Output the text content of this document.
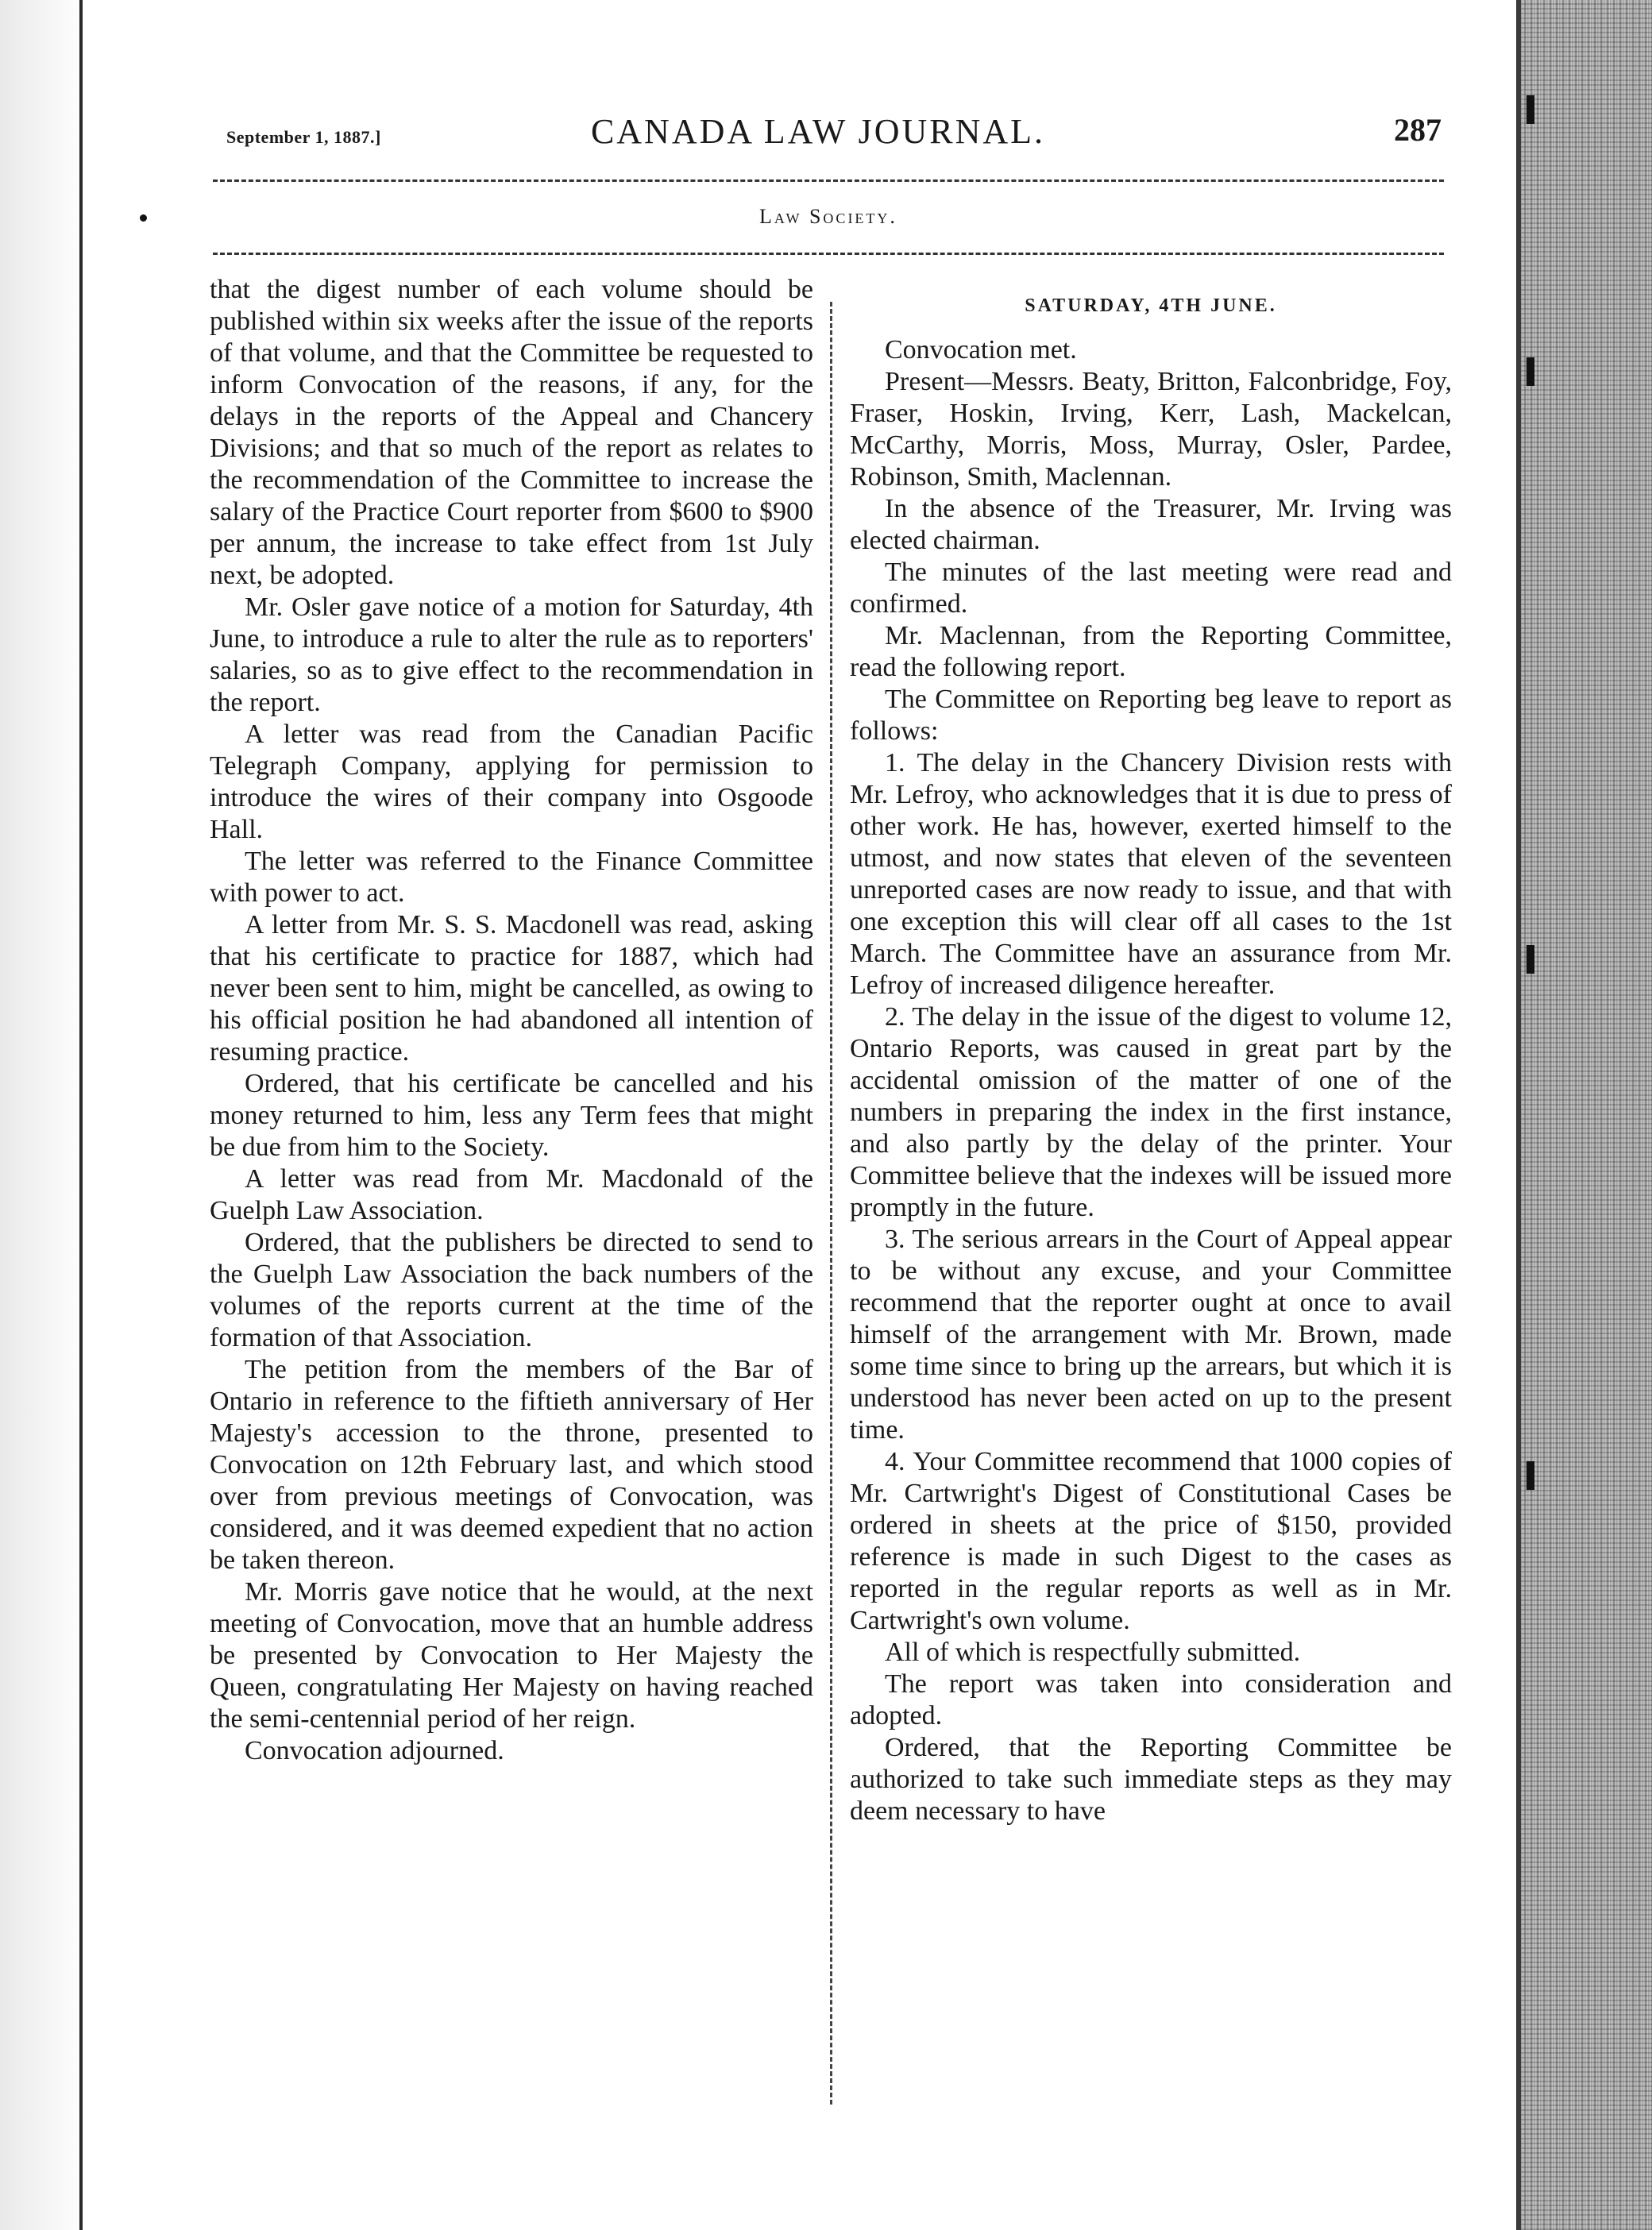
September 1, 1887.]	CANADA LAW JOURNAL.	287
Law Society.

that the digest number of each volume should be published within six weeks after the issue of the reports of that volume, and that the Committee be requested to inform Convocation of the reasons, if any, for the delays in the reports of the Appeal and Chancery Divisions; and that so much of the report as relates to the recommendation of the Committee to increase the salary of the Practice Court reporter from $600 to $900 per annum, the increase to take effect from 1st July next, be adopted.

Mr. Osler gave notice of a motion for Saturday, 4th June, to introduce a rule to alter the rule as to reporters' salaries, so as to give effect to the recommendation in the report.

A letter was read from the Canadian Pacific Telegraph Company, applying for permission to introduce the wires of their company into Osgoode Hall.

The letter was referred to the Finance Committee with power to act.

A letter from Mr. S. S. Macdonell was read, asking that his certificate to practice for 1887, which had never been sent to him, might be cancelled, as owing to his official position he had abandoned all intention of resuming practice.

Ordered, that his certificate be cancelled and his money returned to him, less any Term fees that might be due from him to the Society.

A letter was read from Mr. Macdonald of the Guelph Law Association.

Ordered, that the publishers be directed to send to the Guelph Law Association the back numbers of the volumes of the reports current at the time of the formation of that Association.

The petition from the members of the Bar of Ontario in reference to the fiftieth anniversary of Her Majesty's accession to the throne, presented to Convocation on 12th February last, and which stood over from previous meetings of Convocation, was considered, and it was deemed expedient that no action be taken thereon.

Mr. Morris gave notice that he would, at the next meeting of Convocation, move that an humble address be presented by Convocation to Her Majesty the Queen, congratulating Her Majesty on having reached the semi-centennial period of her reign.

Convocation adjourned.

SATURDAY, 4TH JUNE.

Convocation met.

Present—Messrs. Beaty, Britton, Falconbridge, Foy, Fraser, Hoskin, Irving, Kerr, Lash, Mackelcan, McCarthy, Morris, Moss, Murray, Osler, Pardee, Robinson, Smith, Maclennan.

In the absence of the Treasurer, Mr. Irving was elected chairman.

The minutes of the last meeting were read and confirmed.

Mr. Maclennan, from the Reporting Committee, read the following report.

The Committee on Reporting beg leave to report as follows:

1. The delay in the Chancery Division rests with Mr. Lefroy, who acknowledges that it is due to press of other work. He has, however, exerted himself to the utmost, and now states that eleven of the seventeen unreported cases are now ready to issue, and that with one exception this will clear off all cases to the 1st March. The Committee have an assurance from Mr. Lefroy of increased diligence hereafter.

2. The delay in the issue of the digest to volume 12, Ontario Reports, was caused in great part by the accidental omission of the matter of one of the numbers in preparing the index in the first instance, and also partly by the delay of the printer. Your Committee believe that the indexes will be issued more promptly in the future.

3. The serious arrears in the Court of Appeal appear to be without any excuse, and your Committee recommend that the reporter ought at once to avail himself of the arrangement with Mr. Brown, made some time since to bring up the arrears, but which it is understood has never been acted on up to the present time.

4. Your Committee recommend that 1000 copies of Mr. Cartwright's Digest of Constitutional Cases be ordered in sheets at the price of $150, provided reference is made in such Digest to the cases as reported in the regular reports as well as in Mr. Cartwright's own volume.

All of which is respectfully submitted.

The report was taken into consideration and adopted.

Ordered, that the Reporting Committee be authorized to take such immediate steps as they may deem necessary to have
